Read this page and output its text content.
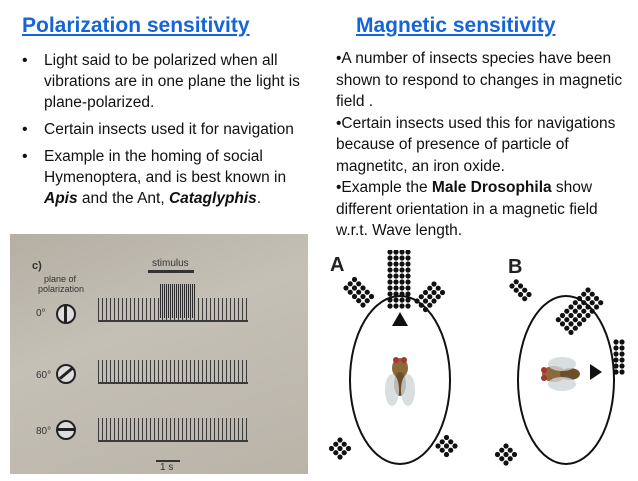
Polarization sensitivity	Magnetic sensitivity
• Light said to be polarized when all vibrations are in one plane the light is plane-polarized.
• Certain insects used it for navigation
• Example in the homing of social Hymenoptera, and is best known in Apis and the Ant, Cataglyphis.

•A number of insects species have been shown to respond to changes in magnetic field .

•Certain insects used this for navigations because of presence of particle of magnetitc, an iron oxide.

•Example the Male Drosophila show different orientation in a magnetic field w.r.t. Wave length.

c)
plane of polarization
stimulus
0°
60°
80°
1 s
A	B
